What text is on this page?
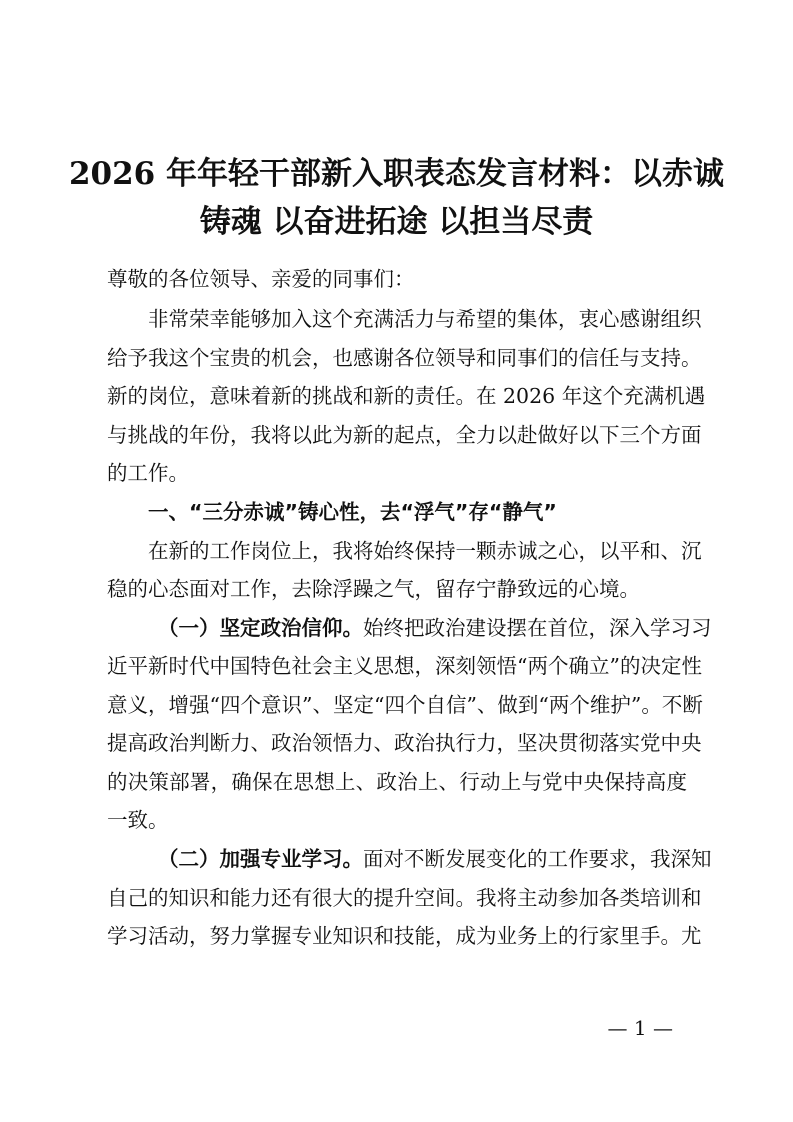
2026 年年轻干部新入职表态发言材料：以赤诚
铸魂 以奋进拓途 以担当尽责

尊敬的各位领导、亲爱的同事们：

非常荣幸能够加入这个充满活力与希望的集体，衷心感谢组织

给予我这个宝贵的机会，也感谢各位领导和同事们的信任与支持。

新的岗位，意味着新的挑战和新的责任。在 2026 年这个充满机遇

与挑战的年份，我将以此为新的起点，全力以赴做好以下三个方面

的工作。

一、“三分赤诚”铸心性，去“浮气”存“静气”

在新的工作岗位上，我将始终保持一颗赤诚之心，以平和、沉

稳的心态面对工作，去除浮躁之气，留存宁静致远的心境。

（一）坚定政治信仰。 始终把政治建设摆在首位，深入学习习

近平新时代中国特色社会主义思想，深刻领悟“两个确立”的决定性

意义，增强“四个意识”、坚定“四个自信”、做到“两个维护”。不断

提高政治判断力、政治领悟力、政治执行力，坚决贯彻落实党中央

的决策部署，确保在思想上、政治上、行动上与党中央保持高度

一致。

（二）加强专业学习。 面对不断发展变化的工作要求，我深知

自己的知识和能力还有很大的提升空间。我将主动参加各类培训和

学习活动，努力掌握专业知识和技能，成为业务上的行家里手。尤

— 1 —
